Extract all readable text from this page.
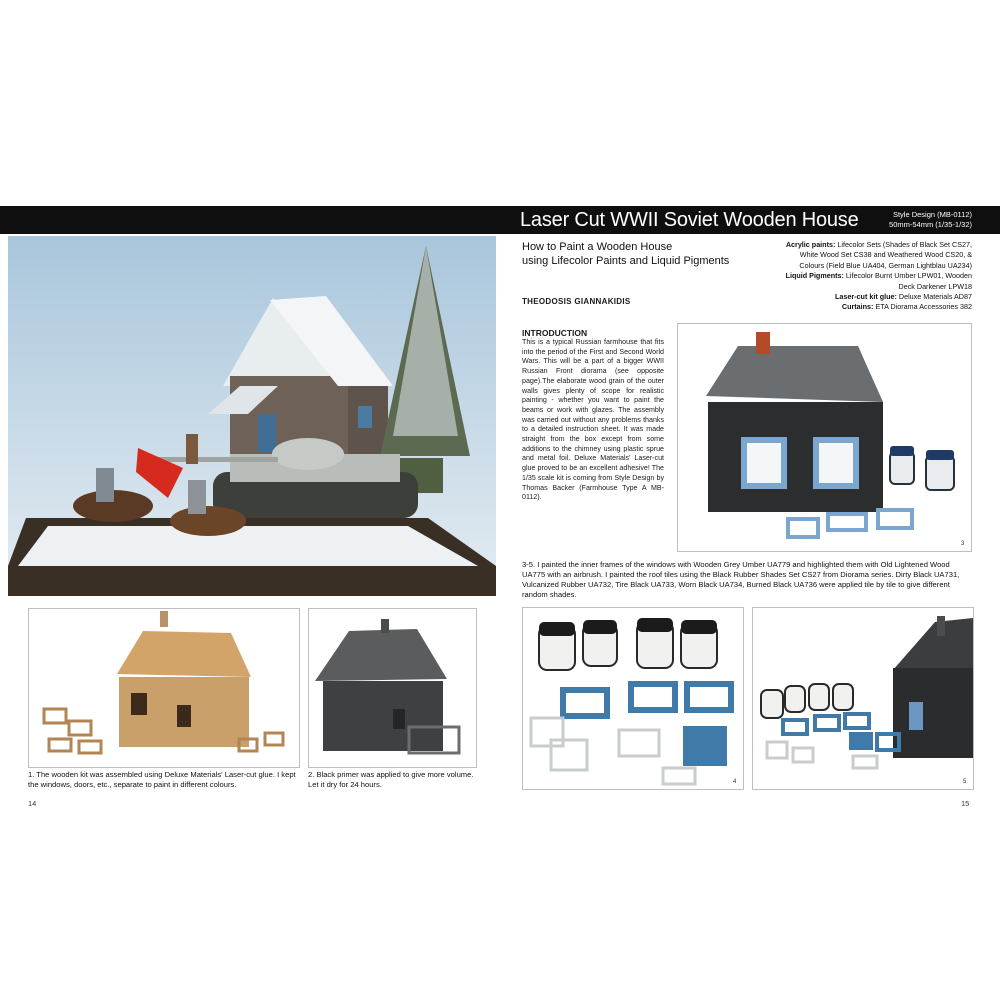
Laser Cut WWII Soviet Wooden House	Style Design (MB-0112)
50mm-54mm (1/35-1/32)
How to Paint a Wooden House
using Lifecolor Paints and Liquid Pigments
Acrylic paints: Lifecolor Sets (Shades of Black Set CS27, White Wood Set CS38 and Weathered Wood CS20, & Colours (Field Blue UA404, German Lightblau UA234)
Liquid Pigments: Lifecolor Burnt Umber LPW01, Wooden Deck Darkener LPW18
Laser-cut kit glue: Deluxe Materials AD87
Curtains: ETA Diorama Accessories 382
THEODOSIS GIANNAKIDIS
INTRODUCTION
This is a typical Russian farmhouse that fits into the period of the First and Second World Wars. This will be a part of a bigger WWII Russian Front diorama (see opposite page).The elaborate wood grain of the outer walls gives plenty of scope for realistic painting - whether you want to paint the beams or work with glazes. The assembly was carried out without any problems thanks to a detailed instruction sheet. It was made straight from the box except from some additions to the chimney using plastic sprue and metal foil. Deluxe Materials' Laser-cut glue proved to be an excellent adhesive! The 1/35 scale kit is coming from Style Design by Thomas Backer (Farmhouse Type A MB-0112).
3
3-5. I painted the inner frames of the windows with Wooden Grey Umber UA779 and highlighted them with Old Lightened Wood UA775 with an airbrush. I painted the roof tiles using the Black Rubber Shades Set CS27 from Diorama series. Dirty Black UA731, Vulcanized Rubber UA732, Tire Black UA733, Worn Black UA734, Burned Black UA736 were applied tile by tile to give different random shades.
1. The wooden kit was assembled using Deluxe Materials' Laser-cut glue. I kept the windows, doors, etc., separate to paint in different colours.
2. Black primer was applied to give more volume. Let it dry for 24 hours.	4	5
14	15
